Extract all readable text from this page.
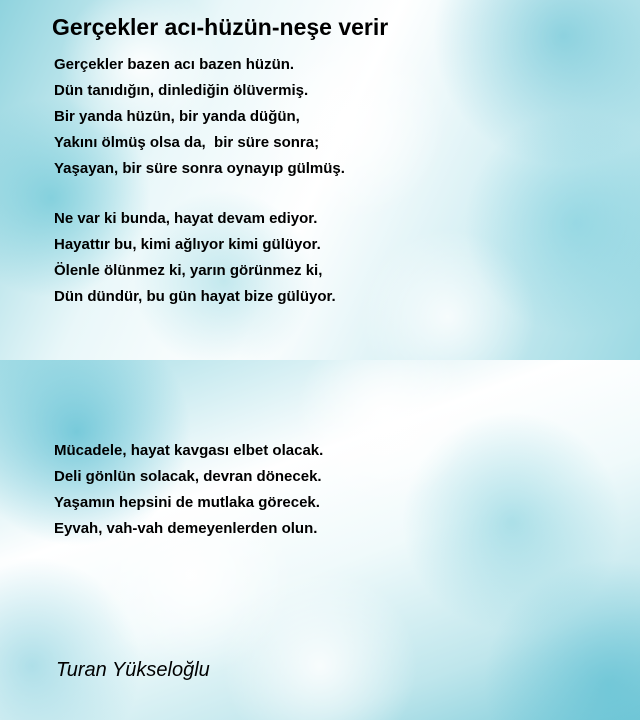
Gerçekler acı-hüzün-neşe verir
Gerçekler bazen acı bazen hüzün.
Dün tanıdığın, dinlediğin ölüvermiş.
Bir yanda hüzün, bir yanda düğün,
Yakını ölmüş olsa da,  bir süre sonra;
Yaşayan, bir süre sonra oynayıp gülmüş.
Ne var ki bunda, hayat devam ediyor.
Hayattır bu, kimi ağlıyor kimi gülüyor.
Ölenle ölünmez ki, yarın görünmez ki,
Dün dündür, bu gün hayat bize gülüyor.
Mücadele, hayat kavgası elbet olacak.
Deli gönlün solacak, devran dönecek.
Yaşamın hepsini de mutlaka görecek.
Eyvah, vah-vah demeyenlerden olun.

Turan Yükseloğlu
